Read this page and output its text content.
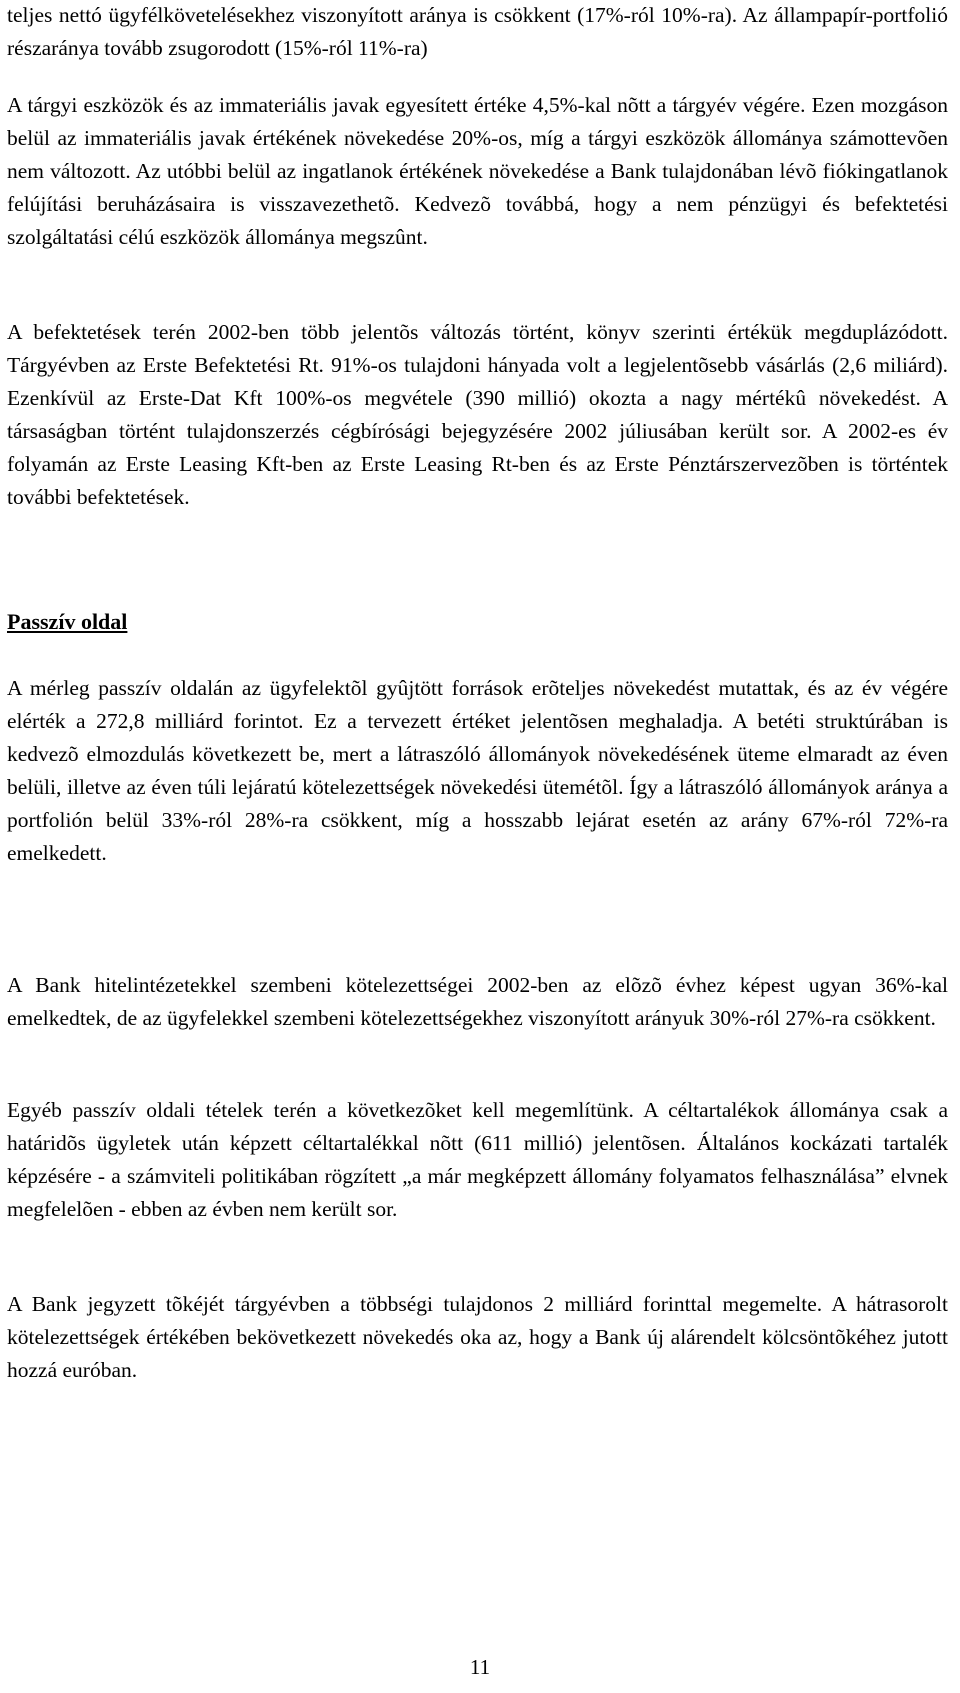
teljes nettó ügyfélkövetelésekhez viszonyított aránya is csökkent (17%-ról 10%-ra). Az állampapír-portfolió részaránya tovább zsugorodott (15%-ról 11%-ra)

A tárgyi eszközök és az immateriális javak egyesített értéke 4,5%-kal nõtt a tárgyév végére. Ezen mozgáson belül az immateriális javak értékének növekedése 20%-os, míg a tárgyi eszközök állománya számottevõen nem változott. Az utóbbi belül az ingatlanok értékének növekedése a Bank tulajdonában lévõ fiókingatlanok felújítási beruházásaira is visszavezethetõ. Kedvezõ továbbá, hogy a nem pénzügyi és befektetési szolgáltatási célú eszközök állománya megszûnt.

A befektetések terén 2002-ben több jelentõs változás történt, könyv szerinti értékük megduplázódott. Tárgyévben az Erste Befektetési Rt. 91%-os tulajdoni hányada volt a legjelentõsebb vásárlás (2,6 miliárd). Ezenkívül az Erste-Dat Kft 100%-os megvétele (390 millió) okozta a nagy mértékû növekedést. A társaságban történt tulajdonszerzés cégbírósági bejegyzésére 2002 júliusában került sor. A 2002-es év folyamán az Erste Leasing Kft-ben az Erste Leasing Rt-ben és az Erste Pénztárszervezõben is történtek további befektetések.

Passzív oldal

A mérleg passzív oldalán az ügyfelektõl gyûjtött források erõteljes növekedést mutattak, és az év végére elérték a 272,8 milliárd forintot. Ez a tervezett értéket jelentõsen meghaladja. A betéti struktúrában is kedvezõ elmozdulás következett be, mert a látraszóló állományok növekedésének üteme elmaradt az éven belüli, illetve az éven túli lejáratú kötelezettségek növekedési ütemétõl. Így a látraszóló állományok aránya a portfolión belül 33%-ról 28%-ra csökkent, míg a hosszabb lejárat esetén az arány 67%-ról 72%-ra emelkedett.

A Bank hitelintézetekkel szembeni kötelezettségei 2002-ben az elõzõ évhez képest ugyan 36%-kal emelkedtek, de az ügyfelekkel szembeni kötelezettségekhez viszonyított arányuk 30%-ról 27%-ra csökkent.

Egyéb passzív oldali tételek terén a következõket kell megemlítünk. A céltartalékok állománya csak a határidõs ügyletek után képzett céltartalékkal nõtt (611 millió) jelentõsen. Általános kockázati tartalék képzésére - a számviteli politikában rögzített „a már megképzett állomány folyamatos felhasználása” elvnek megfelelõen - ebben az évben nem került sor.

A Bank jegyzett tõkéjét tárgyévben a többségi tulajdonos 2 milliárd forinttal megemelte. A hátrasorolt kötelezettségek értékében bekövetkezett növekedés oka az, hogy a Bank új alárendelt kölcsöntõkéhez jutott hozzá euróban.

11
